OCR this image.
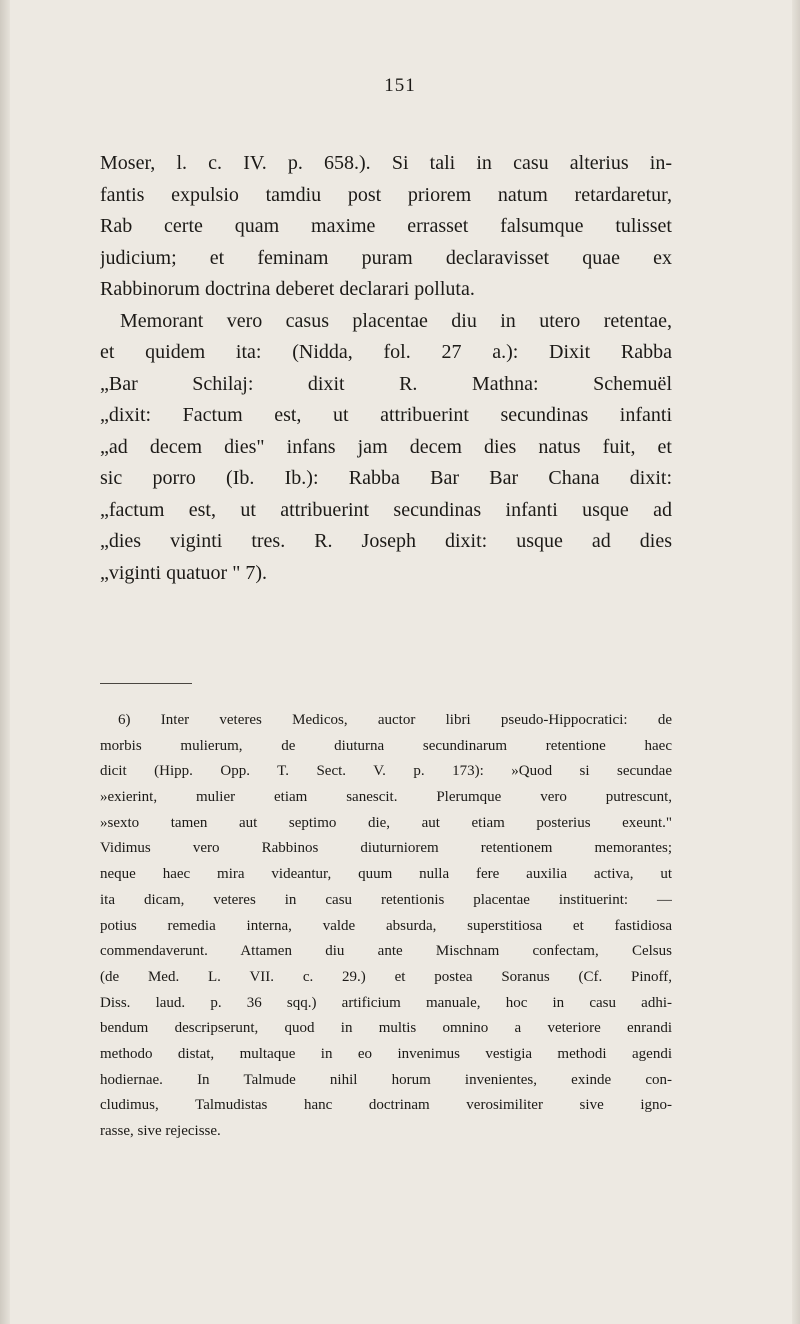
151
Moser, l. c. IV. p. 658.). Si tali in casu alterius in-
fantis expulsio tamdiu post priorem natum retardaretur,
Rab certe quam maxime errasset falsumque tulisset
judicium; et feminam puram declaravisset quae ex
Rabbinorum doctrina deberet declarari polluta.
Memorant vero casus placentae diu in utero retentae,
et quidem ita: (Nidda, fol. 27 a.): Dixit Rabba
„Bar Schilaj: dixit R. Mathna: Schemuël
„dixit: Factum est, ut attribuerint secundinas infanti
„ad decem dies" infans jam decem dies natus fuit, et
sic porro (Ib. Ib.): Rabba Bar Bar Chana dixit:
„factum est, ut attribuerint secundinas infanti usque ad
„dies viginti tres. R. Joseph dixit: usque ad dies
„viginti quatuor " 7).
6) Inter veteres Medicos, auctor libri pseudo-Hippocratici: de
morbis mulierum, de diuturna secundinarum retentione haec
dicit (Hipp. Opp. T. Sect. V. p. 173): »Quod si secundae
»exierint, mulier etiam sanescit. Plerumque vero putrescunt,
»sexto tamen aut septimo die, aut etiam posterius exeunt."
Vidimus vero Rabbinos diuturniorem retentionem memorantes;
neque haec mira videantur, quum nulla fere auxilia activa, ut
ita dicam, veteres in casu retentionis placentae instituerint: —
potius remedia interna, valde absurda, superstitiosa et fastidiosa
commendaverunt. Attamen diu ante Mischnam confectam, Celsus
(de Med. L. VII. c. 29.) et postea Soranus (Cf. Pinoff,
Diss. laud. p. 36 sqq.) artificium manuale, hoc in casu adhi-
bendum descripserunt, quod in multis omnino a veteriore enrandi
methodo distat, multaque in eo invenimus vestigia methodi agendi
hodiernae. In Talmude nihil horum invenientes, exinde con-
cludimus, Talmudistas hanc doctrinam verosimiliter sive igno-
rasse, sive rejecisse.
